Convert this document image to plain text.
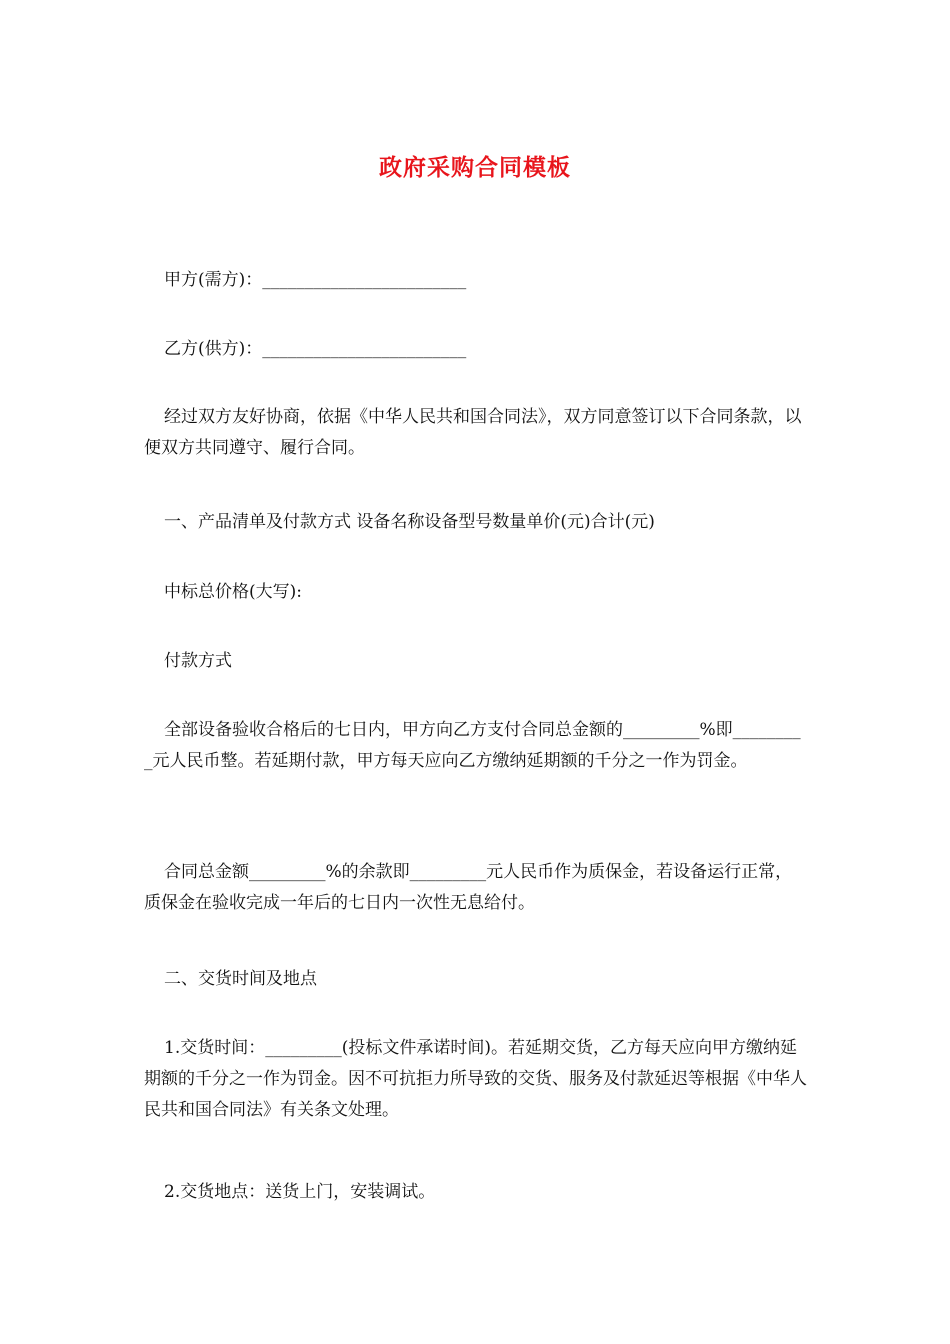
政府采购合同模板
甲方(需方)：________________________
乙方(供方)：________________________
经过双方友好协商，依据《中华人民共和国合同法》，双方同意签订以下合同条款，以便双方共同遵守、履行合同。
一、产品清单及付款方式 设备名称设备型号数量单价(元)合计(元)
中标总价格(大写):
付款方式
全部设备验收合格后的七日内，甲方向乙方支付合同总金额的_________%即_________元人民币整。若延期付款，甲方每天应向乙方缴纳延期额的千分之一作为罚金。
合同总金额_________%的余款即_________元人民币作为质保金，若设备运行正常，质保金在验收完成一年后的七日内一次性无息给付。
二、交货时间及地点
1.交货时间：_________(投标文件承诺时间)。若延期交货，乙方每天应向甲方缴纳延期额的千分之一作为罚金。因不可抗拒力所导致的交货、服务及付款延迟等根据《中华人民共和国合同法》有关条文处理。
2.交货地点：送货上门，安装调试。
